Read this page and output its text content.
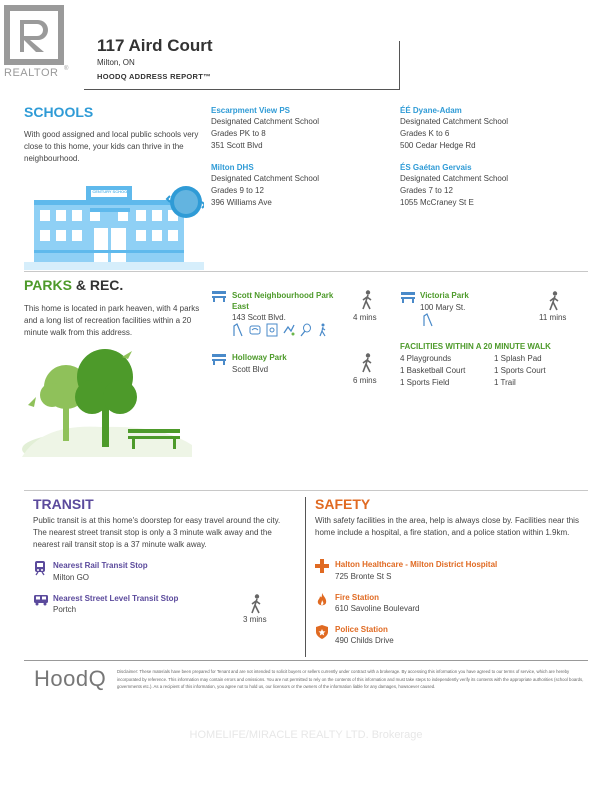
REALTOR ®
117 Aird Court
Milton, ON
HOODQ ADDRESS REPORT™
SCHOOLS
With good assigned and local public schools very close to this home, your kids can thrive in the neighbourhood.
CENTURY SCHOOL
Escarpment View PS
Designated Catchment School
Grades PK to 8
351 Scott Blvd
Milton DHS
Designated Catchment School
Grades 9 to 12
396 Williams Ave
ÉÉ Dyane-Adam
Designated Catchment School
Grades K to 6
500 Cedar Hedge Rd
ÉS Gaétan Gervais
Designated Catchment School
Grades 7 to 12
1055 McCraney St E
PARKS & REC.
This home is located in park heaven, with 4 parks and a long list of recreation facilities within a 20 minute walk from this address.
Scott Neighbourhood Park
East
143 Scott Blvd.	4 mins
Holloway Park
Scott Blvd
6 mins
Victoria Park
100 Mary St.
11 mins
FACILITIES WITHIN A 20 MINUTE WALK
4 Playgrounds	1 Splash Pad
1 Basketball Court	1 Sports Court
1 Sports Field	1 Trail
TRANSIT
Public transit is at this home's doorstep for easy travel around the city. The nearest street transit stop is only a 3 minute walk away and the nearest rail transit stop is a 37 minute walk away.
Nearest Rail Transit Stop
Milton GO
Nearest Street Level Transit Stop
Portch
3 mins
SAFETY
With safety facilities in the area, help is always close by. Facilities near this home include a hospital, a fire station, and a police station within 1.9km.
Halton Healthcare - Milton District Hospital
725 Bronte St S
Fire Station
610 Savoline Boulevard
Police Station
490 Childs Drive
HoodQ	Disclaimer: These materials have been prepared for Tenant and are not intended to solicit buyers or sellers currently under contract with a brokerage. By accessing this information you have agreed to our terms of service, which are hereby incorporated by reference. This information may contain errors and omissions. You are not permitted to rely on the contents of this information and must take steps to independently verify its contents with the appropriate authorities (school boards, governments etc.). As a recipient of this information, you agree not to hold us, our licensors or the owners of the information liable for any damages, howsoever caused.
HOMELIFE/MIRACLE REALTY LTD. Brokerage
